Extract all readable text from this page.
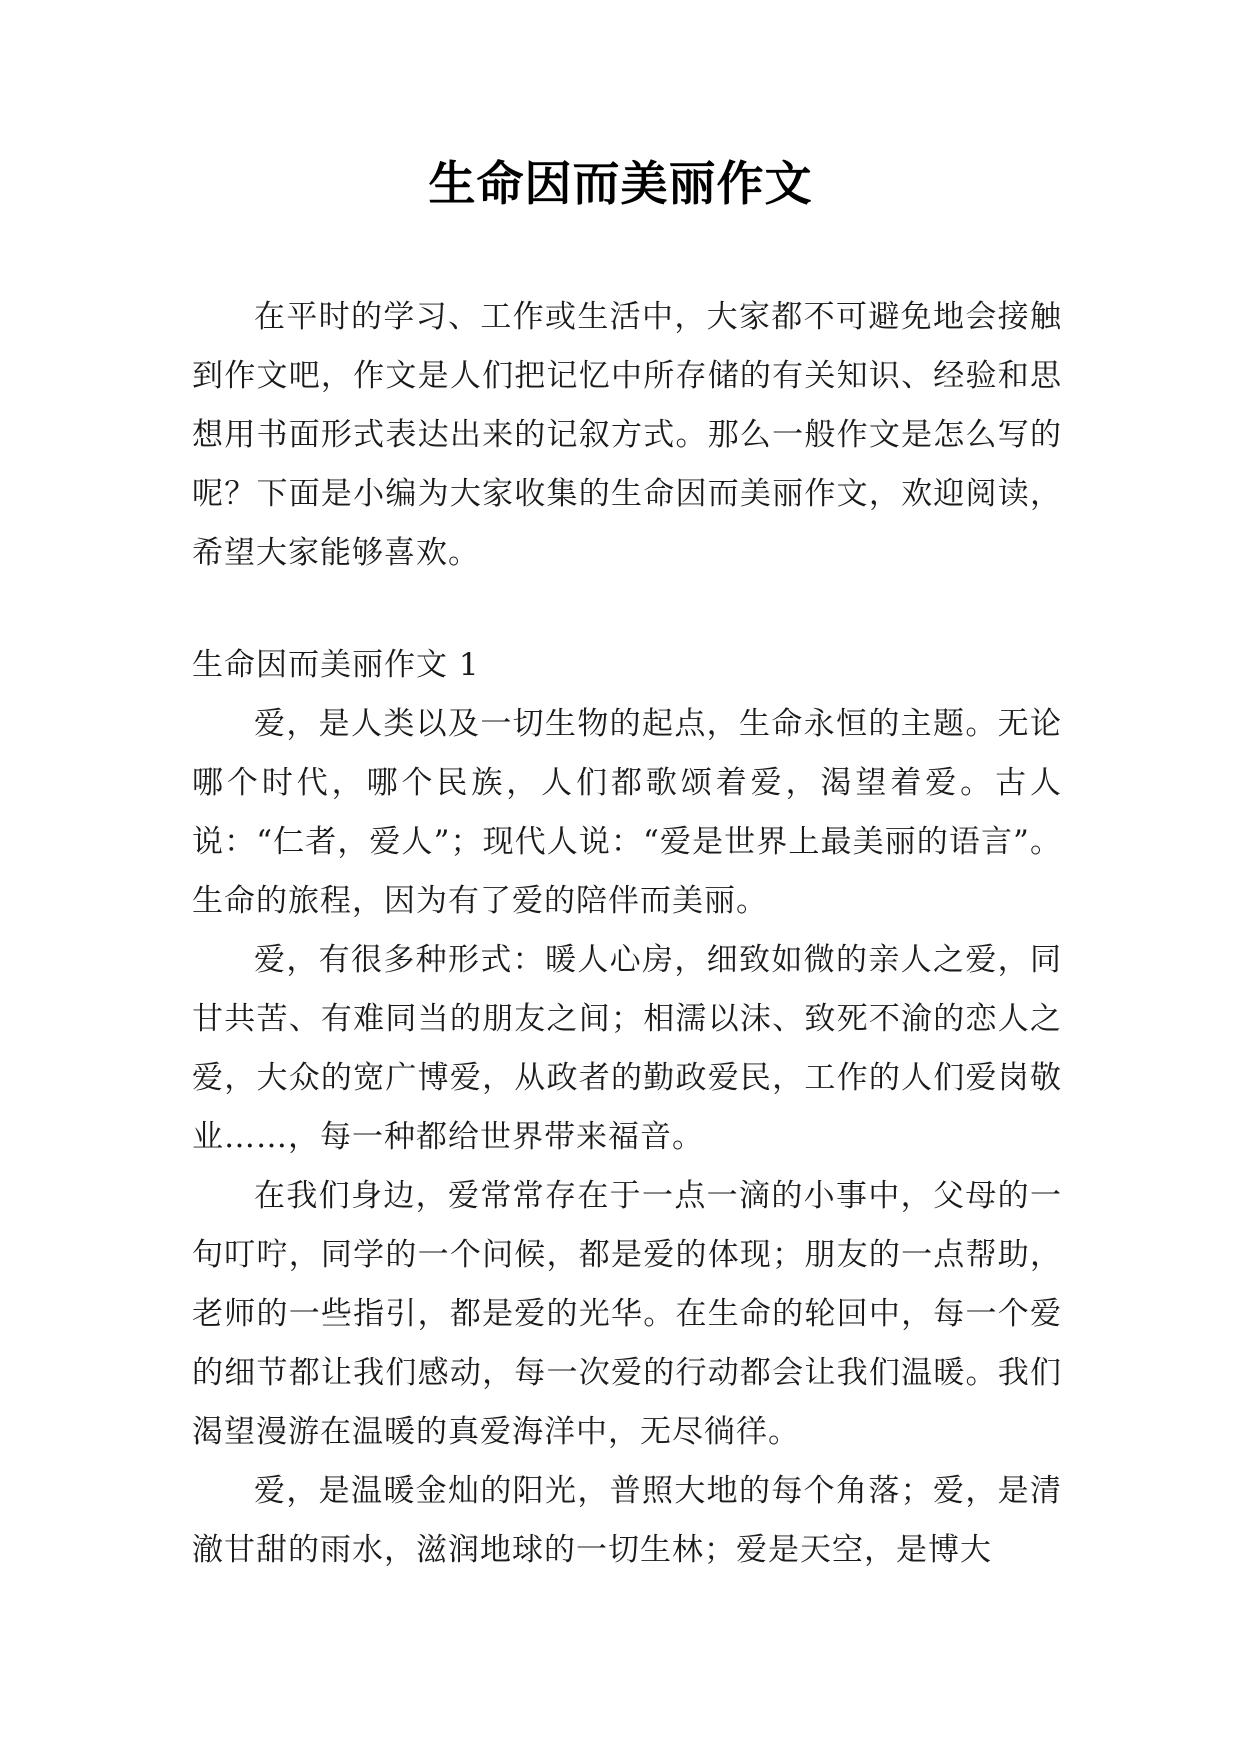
生命因而美丽作文

在平时的学习、工作或生活中，大家都不可避免地会接触到作文吧，作文是人们把记忆中所存储的有关知识、经验和思想用书面形式表达出来的记叙方式。那么一般作文是怎么写的呢？下面是小编为大家收集的生命因而美丽作文，欢迎阅读，希望大家能够喜欢。

生命因而美丽作文 1

爱，是人类以及一切生物的起点，生命永恒的主题。无论哪个时代，哪个民族，人们都歌颂着爱，渴望着爱。古人说：“仁者，爱人”；现代人说：“爱是世界上最美丽的语言”。生命的旅程，因为有了爱的陪伴而美丽。

爱，有很多种形式：暖人心房，细致如微的亲人之爱，同甘共苦、有难同当的朋友之间；相濡以沫、致死不渝的恋人之爱，大众的宽广博爱，从政者的勤政爱民，工作的人们爱岗敬业……，每一种都给世界带来福音。

在我们身边，爱常常存在于一点一滴的小事中，父母的一句叮咛，同学的一个问候，都是爱的体现；朋友的一点帮助，老师的一些指引，都是爱的光华。在生命的轮回中，每一个爱的细节都让我们感动，每一次爱的行动都会让我们温暖。我们渴望漫游在温暖的真爱海洋中，无尽徜徉。

爱，是温暖金灿的阳光，普照大地的每个角落；爱，是清澈甘甜的雨水，滋润地球的一切生林；爱是天空，是博大
